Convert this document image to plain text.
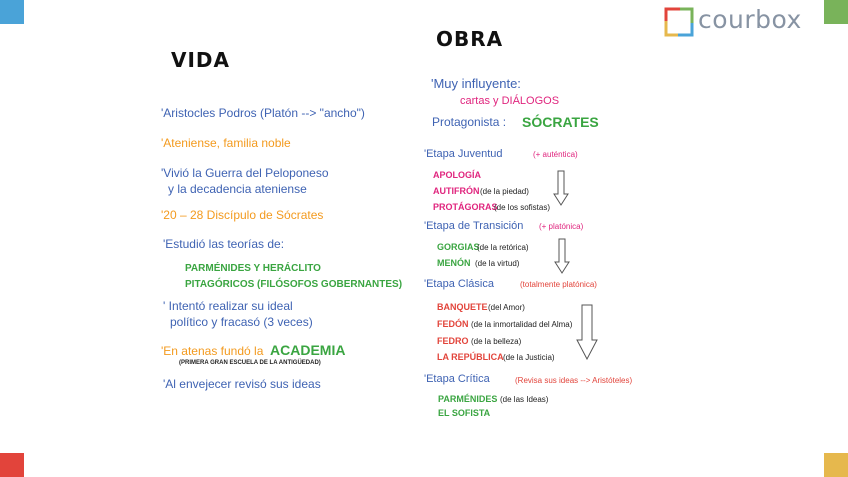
courbox
VIDA
'Aristocles Podros (Platón --> "ancho")
'Ateniense, familia noble
'Vivió la Guerra del Peloponeso
y la decadencia ateniense
'20 – 28 Discípulo de Sócrates
'Estudió las teorías de:
PARMÉNIDES Y HERÁCLITO
PITAGÓRICOS (FILÓSOFOS GOBERNANTES)
' Intentó realizar su ideal
político y fracasó (3 veces)
'En atenas fundó la ACADEMIA
(PRIMERA GRAN ESCUELA DE LA ANTIGÜEDAD)
'Al envejecer revisó sus ideas
OBRA
'Muy influyente:
cartas y DIÁLOGOS
Protagonista : SÓCRATES
'Etapa Juventud	(+ auténtica)
APOLOGÍA
AUTIFRÓN (de la piedad)
PROTÁGORAS
(de los sofistas)
'Etapa de Transición (+ platónica)
GORGIAS
(de la retórica)
MENÓN (de la virtud)
'Etapa Clásica	(totalmente platónica)
BANQUETE (del Amor)
FEDÓN (de la inmortalidad del Alma)
FEDRO (de la belleza)
LA REPÚBLICA (de la Justicia)
'Etapa Crítica	(Revisa sus ideas --> Aristóteles)
PARMÉNIDES (de las Ideas)
EL SOFISTA
